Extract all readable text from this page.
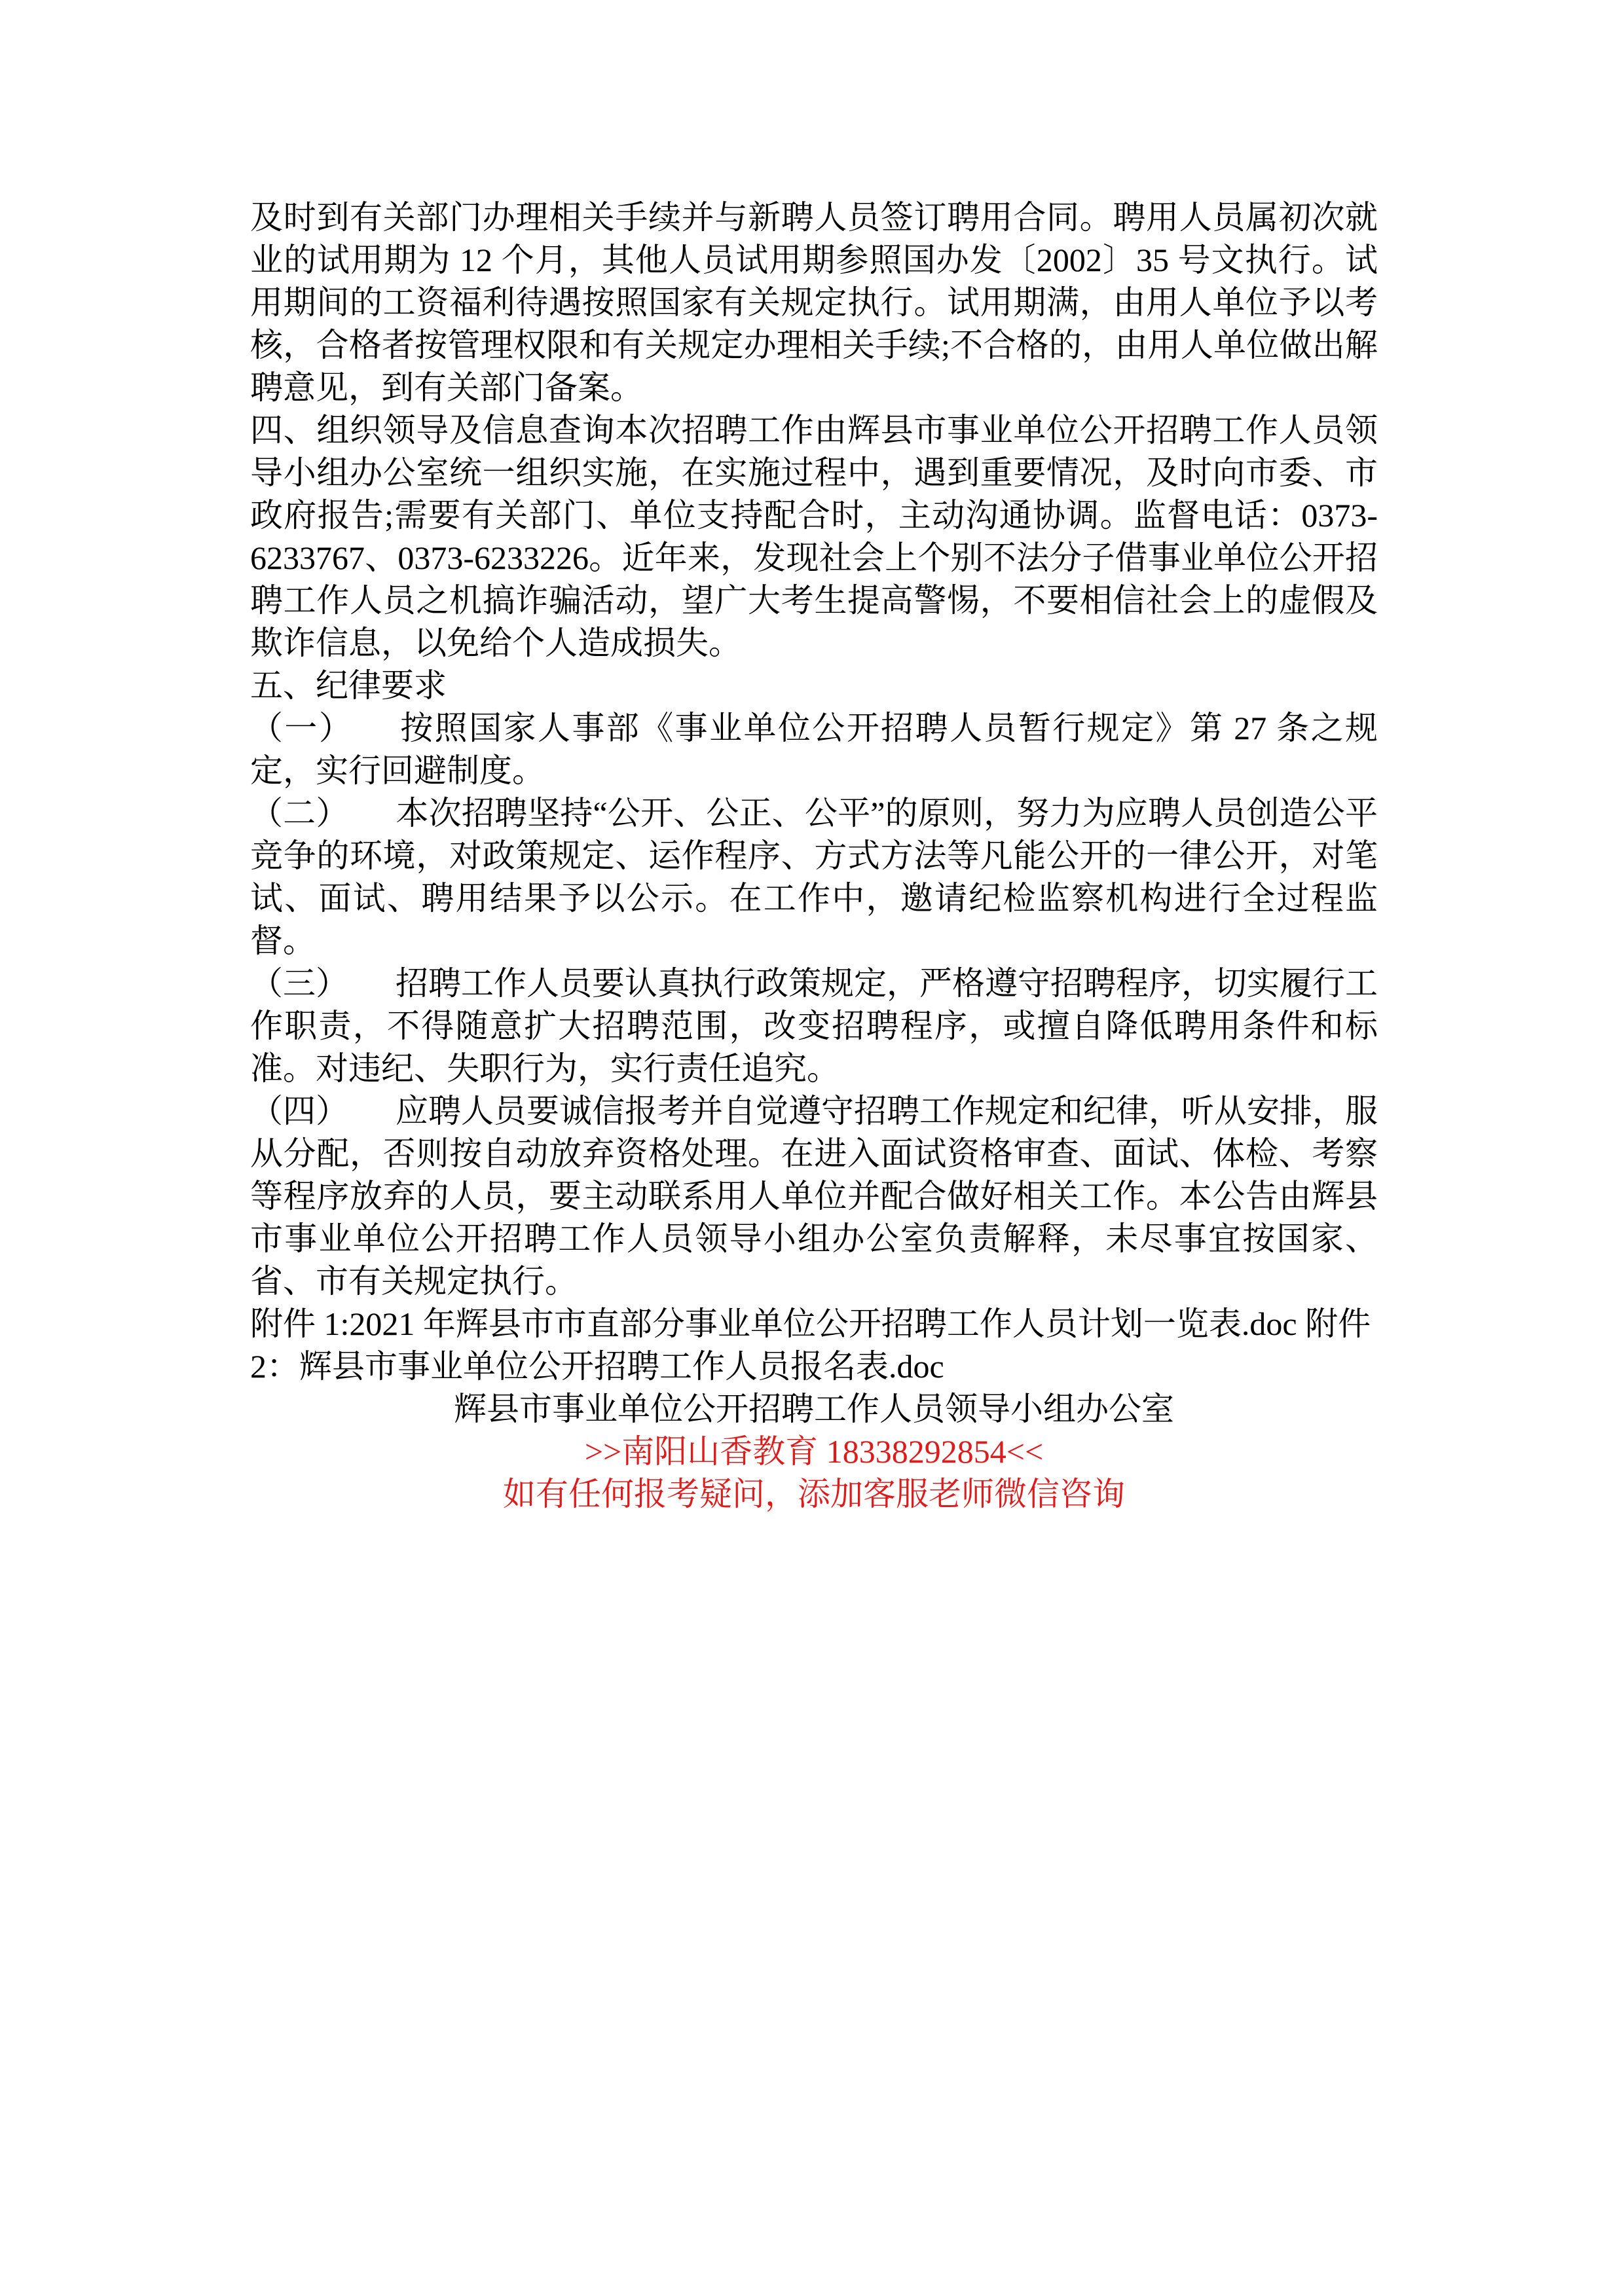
及时到有关部门办理相关手续并与新聘人员签订聘用合同。聘用人员属初次就业的试用期为 12 个月，其他人员试用期参照国办发〔2002〕35 号文执行。试用期间的工资福利待遇按照国家有关规定执行。试用期满，由用人单位予以考核，合格者按管理权限和有关规定办理相关手续;不合格的，由用人单位做出解聘意见，到有关部门备案。

四、组织领导及信息查询本次招聘工作由辉县市事业单位公开招聘工作人员领导小组办公室统一组织实施，在实施过程中，遇到重要情况，及时向市委、市政府报告;需要有关部门、单位支持配合时，主动沟通协调。监督电话：0373-6233767、0373-6233226。近年来，发现社会上个别不法分子借事业单位公开招聘工作人员之机搞诈骗活动，望广大考生提高警惕，不要相信社会上的虚假及欺诈信息，以免给个人造成损失。

五、纪律要求

（一） 按照国家人事部《事业单位公开招聘人员暂行规定》第 27 条之规定，实行回避制度。

（二） 本次招聘坚持“公开、公正、公平”的原则，努力为应聘人员创造公平竞争的环境，对政策规定、运作程序、方式方法等凡能公开的一律公开，对笔试、面试、聘用结果予以公示。在工作中，邀请纪检监察机构进行全过程监督。

（三） 招聘工作人员要认真执行政策规定，严格遵守招聘程序，切实履行工作职责，不得随意扩大招聘范围，改变招聘程序，或擅自降低聘用条件和标准。对违纪、失职行为，实行责任追究。

（四） 应聘人员要诚信报考并自觉遵守招聘工作规定和纪律，听从安排，服从分配，否则按自动放弃资格处理。在进入面试资格审查、面试、体检、考察等程序放弃的人员，要主动联系用人单位并配合做好相关工作。本公告由辉县市事业单位公开招聘工作人员领导小组办公室负责解释，未尽事宜按国家、省、市有关规定执行。

附件 1:2021 年辉县市市直部分事业单位公开招聘工作人员计划一览表.doc 附件

2：辉县市事业单位公开招聘工作人员报名表.doc

辉县市事业单位公开招聘工作人员领导小组办公室

>>南阳山香教育 18338292854<<

如有任何报考疑问，添加客服老师微信咨询
